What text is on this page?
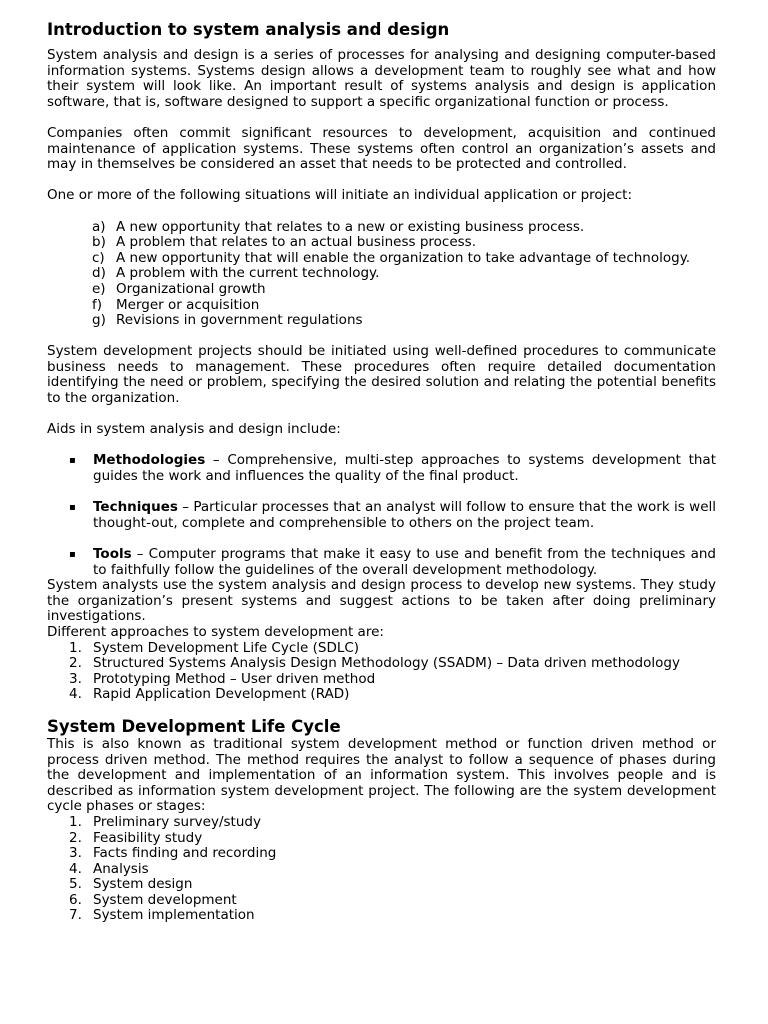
Introduction to system analysis and design

System analysis and design is a series of processes for analysing and designing computer-based information systems. Systems design allows a development team to roughly see what and how their system will look like. An important result of systems analysis and design is application software, that is, software designed to support a specific organizational function or process.

Companies often commit significant resources to development, acquisition and continued maintenance of application systems. These systems often control an organization’s assets and may in themselves be considered an asset that needs to be protected and controlled.

One or more of the following situations will initiate an individual application or project:

a) A new opportunity that relates to a new or existing business process.
b) A problem that relates to an actual business process.
c) A new opportunity that will enable the organization to take advantage of technology.
d) A problem with the current technology.
e) Organizational growth
f)	Merger or acquisition
g) Revisions in government regulations

System development projects should be initiated using well-defined procedures to communicate business needs to management. These procedures often require detailed documentation identifying the need or problem, specifying the desired solution and relating the potential benefits to the organization.

Aids in system analysis and design include:

▪	Methodologies – Comprehensive, multi-step approaches to systems development that guides the work and influences the quality of the final product.
▪	Techniques – Particular processes that an analyst will follow to ensure that the work is well thought-out, complete and comprehensible to others on the project team.
▪	Tools – Computer programs that make it easy to use and benefit from the techniques and to faithfully follow the guidelines of the overall development methodology.

System analysts use the system analysis and design process to develop new systems. They study the organization’s present systems and suggest actions to be taken after doing preliminary investigations.

Different approaches to system development are:

1. System Development Life Cycle (SDLC)
2. Structured Systems Analysis Design Methodology (SSADM) – Data driven methodology
3. Prototyping Method – User driven method
4. Rapid Application Development (RAD)
System Development Life Cycle

This is also known as traditional system development method or function driven method or process driven method. The method requires the analyst to follow a sequence of phases during the development and implementation of an information system. This involves people and is described as information system development project. The following are the system development cycle phases or stages:

1. Preliminary survey/study
2. Feasibility study
3. Facts finding and recording
4. Analysis
5. System design
6. System development
7. System implementation
